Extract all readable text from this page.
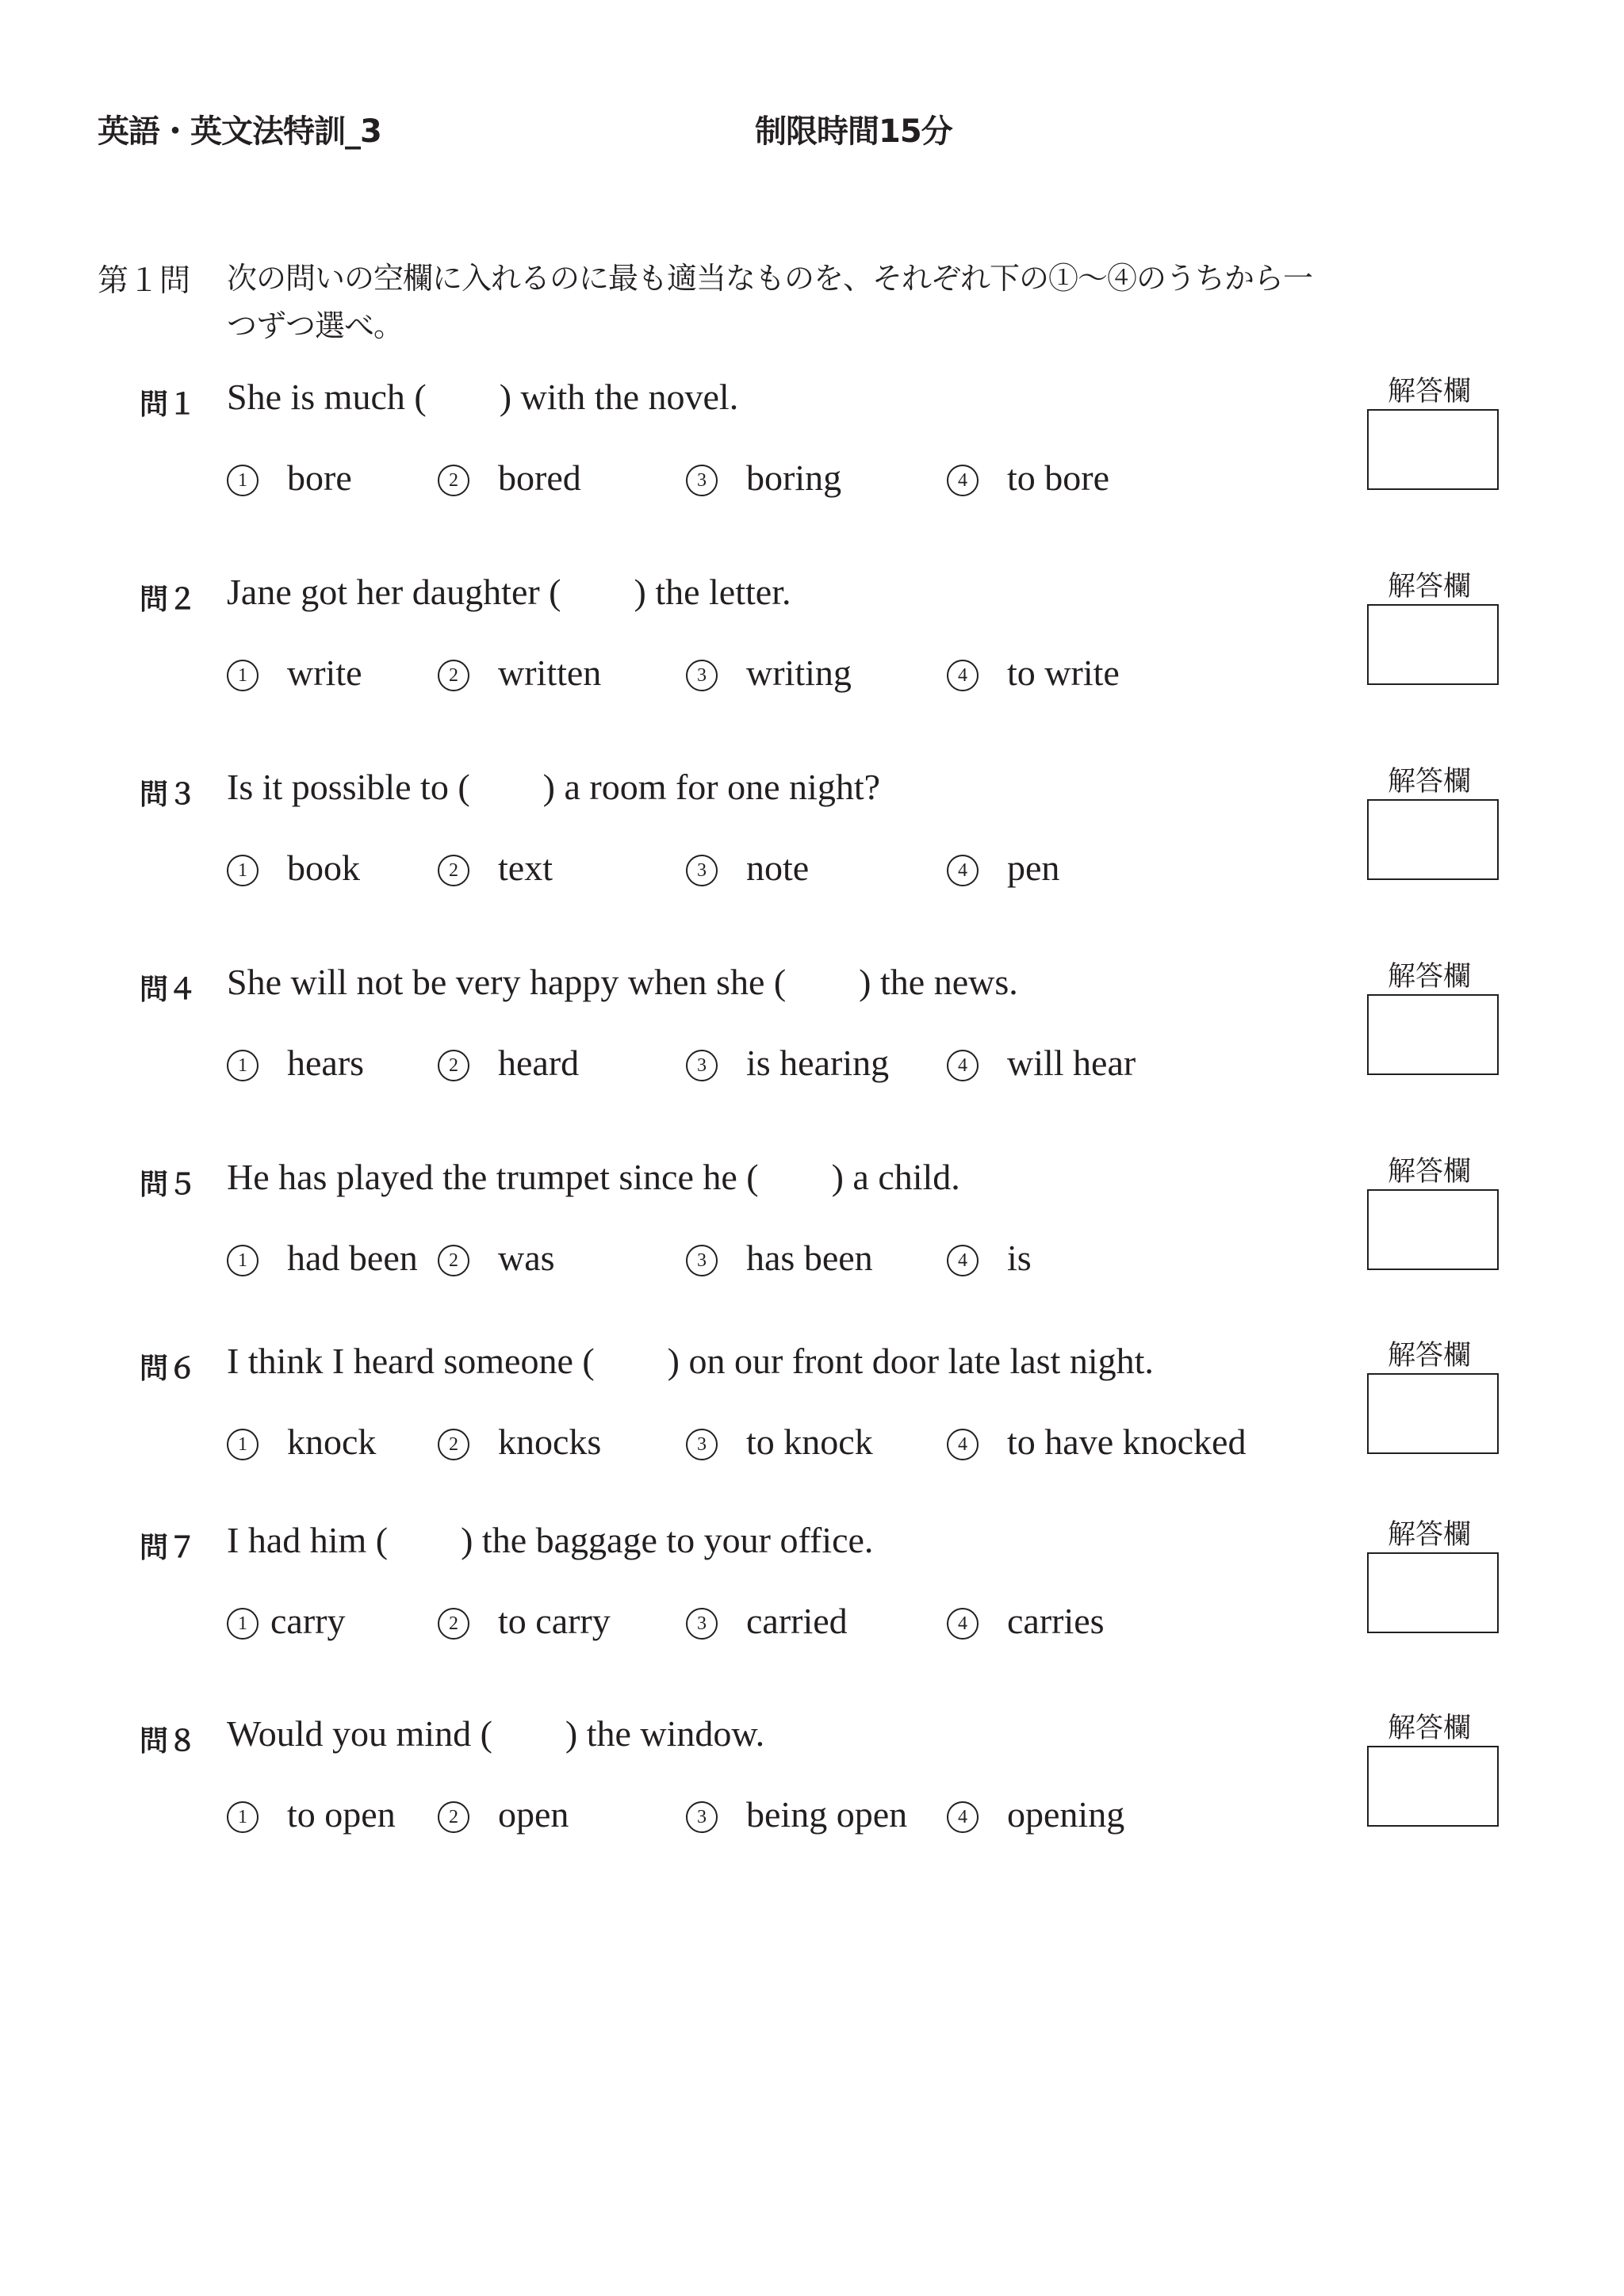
英語・英文法特訓_3	制限時間15分
第１問 次の問いの空欄に入れるのに最も適当なものを、それぞれ下の①〜④のうちから一つずつ選べ。
問１ She is much (        ) with the novel.
1	bore	2	bored	3	boring	4	to bore
解答欄
問２ Jane got her daughter (        ) the letter.
1	write	2	written	3	writing	4	to write
解答欄
問３ Is it possible to (        ) a room for one night?
1	book	2	text	3	note	4	pen
解答欄
問４ She will not be very happy when she (        ) the news.
1	hears	2	heard	3	is hearing	4	will hear
解答欄
問５ He has played the trumpet since he (        ) a child.
1	had been	2	was	3	has been	4	is
解答欄
問６ I think I heard someone (        ) on our front door late last night.
1	knock	2	knocks	3	to knock	4	to have knocked
解答欄
問７ I had him (        ) the baggage to your office.
1 carry	2	to carry	3	carried	4	carries
解答欄
問８ Would you mind (        ) the window.
1	to open	2	open	3	being open	4	opening
解答欄
